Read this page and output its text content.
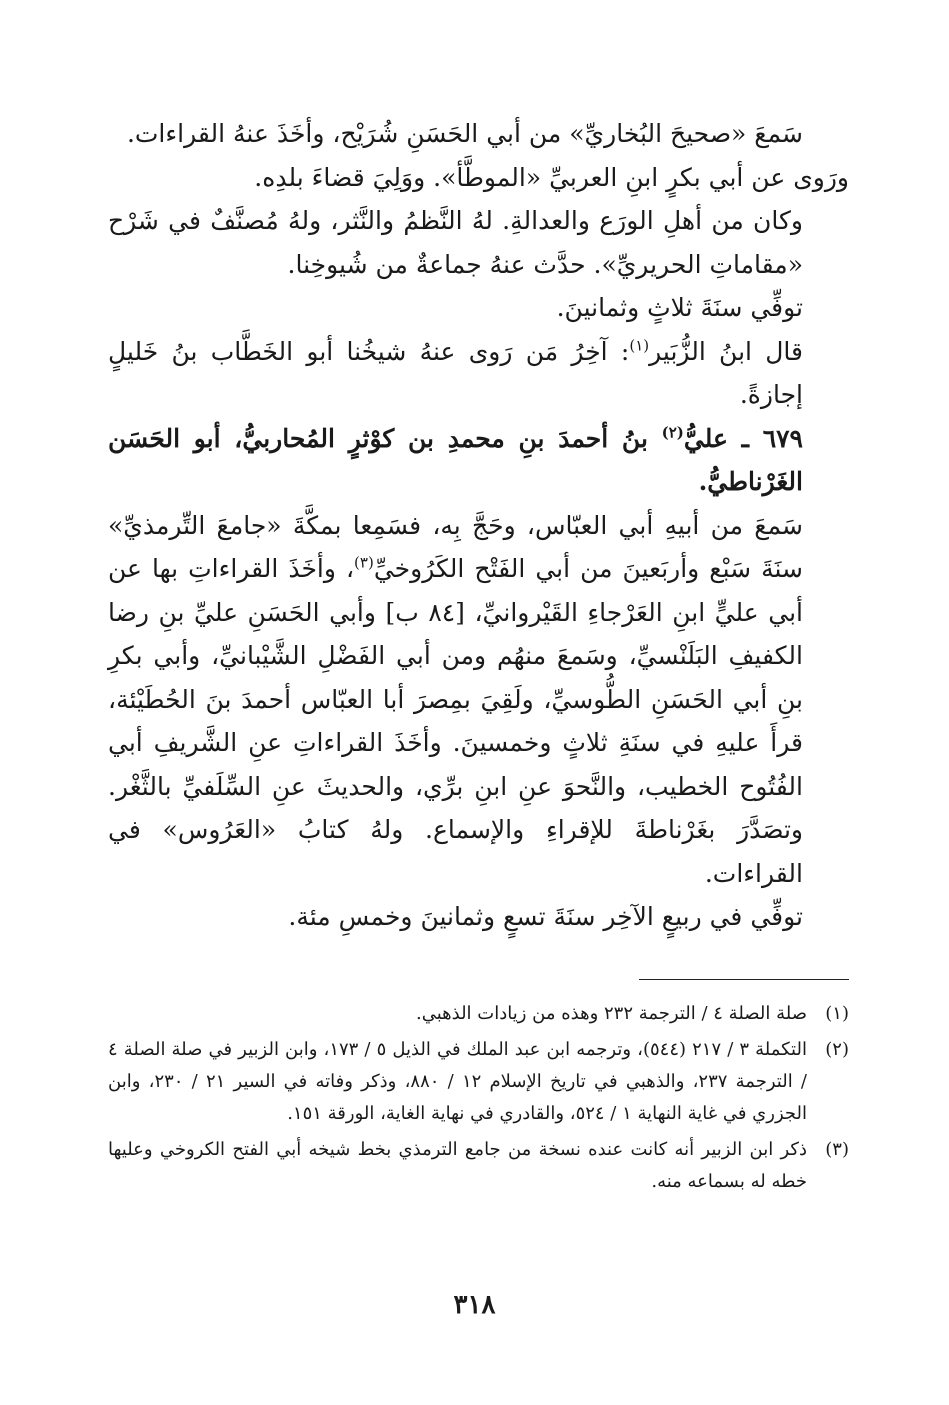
سَمعَ «صحيحَ البُخاريِّ» من أبي الحَسَنِ شُرَيْح، وأخَذَ عنهُ القراءات.

ورَوى عن أبي بكرٍ ابنِ العربيِّ «الموطَّأ». ووَلِيَ قضاءَ بلدِه.

وكان من أهلِ الورَع والعدالةِ. لهُ النَّظمُ والنَّثر، ولهُ مُصنَّفٌ في شَرْح «مقاماتِ الحريريِّ». حدَّث عنهُ جماعةٌ من شُيوخِنا.

توفِّي سنَةَ ثلاثٍ وثمانينَ.

قال ابنُ الزُّبَير$^{(١)}$: آخِرُ مَن رَوى عنهُ شيخُنا أبو الخَطَّاب بنُ خَليلٍ إجازةً.

٦٧٩ ـ عليُّ$^{(٢)}$ بنُ أحمدَ بنِ محمدِ بن كوْثرٍ المُحاربيُّ، أبو الحَسَن الغَرْناطيُّ.

سَمعَ من أبيهِ أبي العبّاس، وحَجَّ بِه، فسَمِعا بمكَّةَ «جامعَ التِّرمذيِّ» سنَةَ سَبْع وأربَعينَ من أبي الفَتْح الكَرُوخيِّ$^{(٣)}$، وأخَذَ القراءاتِ بها عن أبي عليٍّ ابنِ العَرْجاءِ القَيْروانيِّ، [٨٤ ب] وأبي الحَسَنِ عليِّ بنِ رضا الكفيفِ البَلَنْسيِّ، وسَمعَ منهُم ومن أبي الفَضْلِ الشَّيْبانيِّ، وأبي بكرِ بنِ أبي الحَسَنِ الطُّوسيِّ، ولَقِيَ بمِصرَ أبا العبّاس أحمدَ بنَ الحُطَيْئة، قرأَ عليهِ في سنَةِ ثلاثٍ وخمسينَ. وأخَذَ القراءاتِ عنِ الشَّريفِ أبي الفُتُوح الخطيب، والنَّحوَ عنِ ابنِ برِّي، والحديثَ عنِ السِّلَفيِّ بالثَّغْر. وتصَدَّرَ بغَرْناطةَ للإقراءِ والإسماع. ولهُ كتابُ «العَرُوس» في القراءات.

توفِّي في ربيعٍ الآخِر سنَةَ تسعٍ وثمانينَ وخمسِ مئة.

(١)
صلة الصلة ٤ / الترجمة ٢٣٢ وهذه من زيادات الذهبي.
(٢)
التكملة ٣ / ٢١٧ (٥٤٤)، وترجمه ابن عبد الملك في الذيل ٥ / ١٧٣، وابن الزبير في صلة الصلة ٤ / الترجمة ٢٣٧، والذهبي في تاريخ الإسلام ١٢ / ٨٨٠، وذكر وفاته في السير ٢١ / ٢٣٠، وابن الجزري في غاية النهاية ١ / ٥٢٤، والقادري في نهاية الغاية، الورقة ١٥١.
(٣)
ذكر ابن الزبير أنه كانت عنده نسخة من جامع الترمذي بخط شيخه أبي الفتح الكروخي وعليها خطه له بسماعه منه.
٣١٨
